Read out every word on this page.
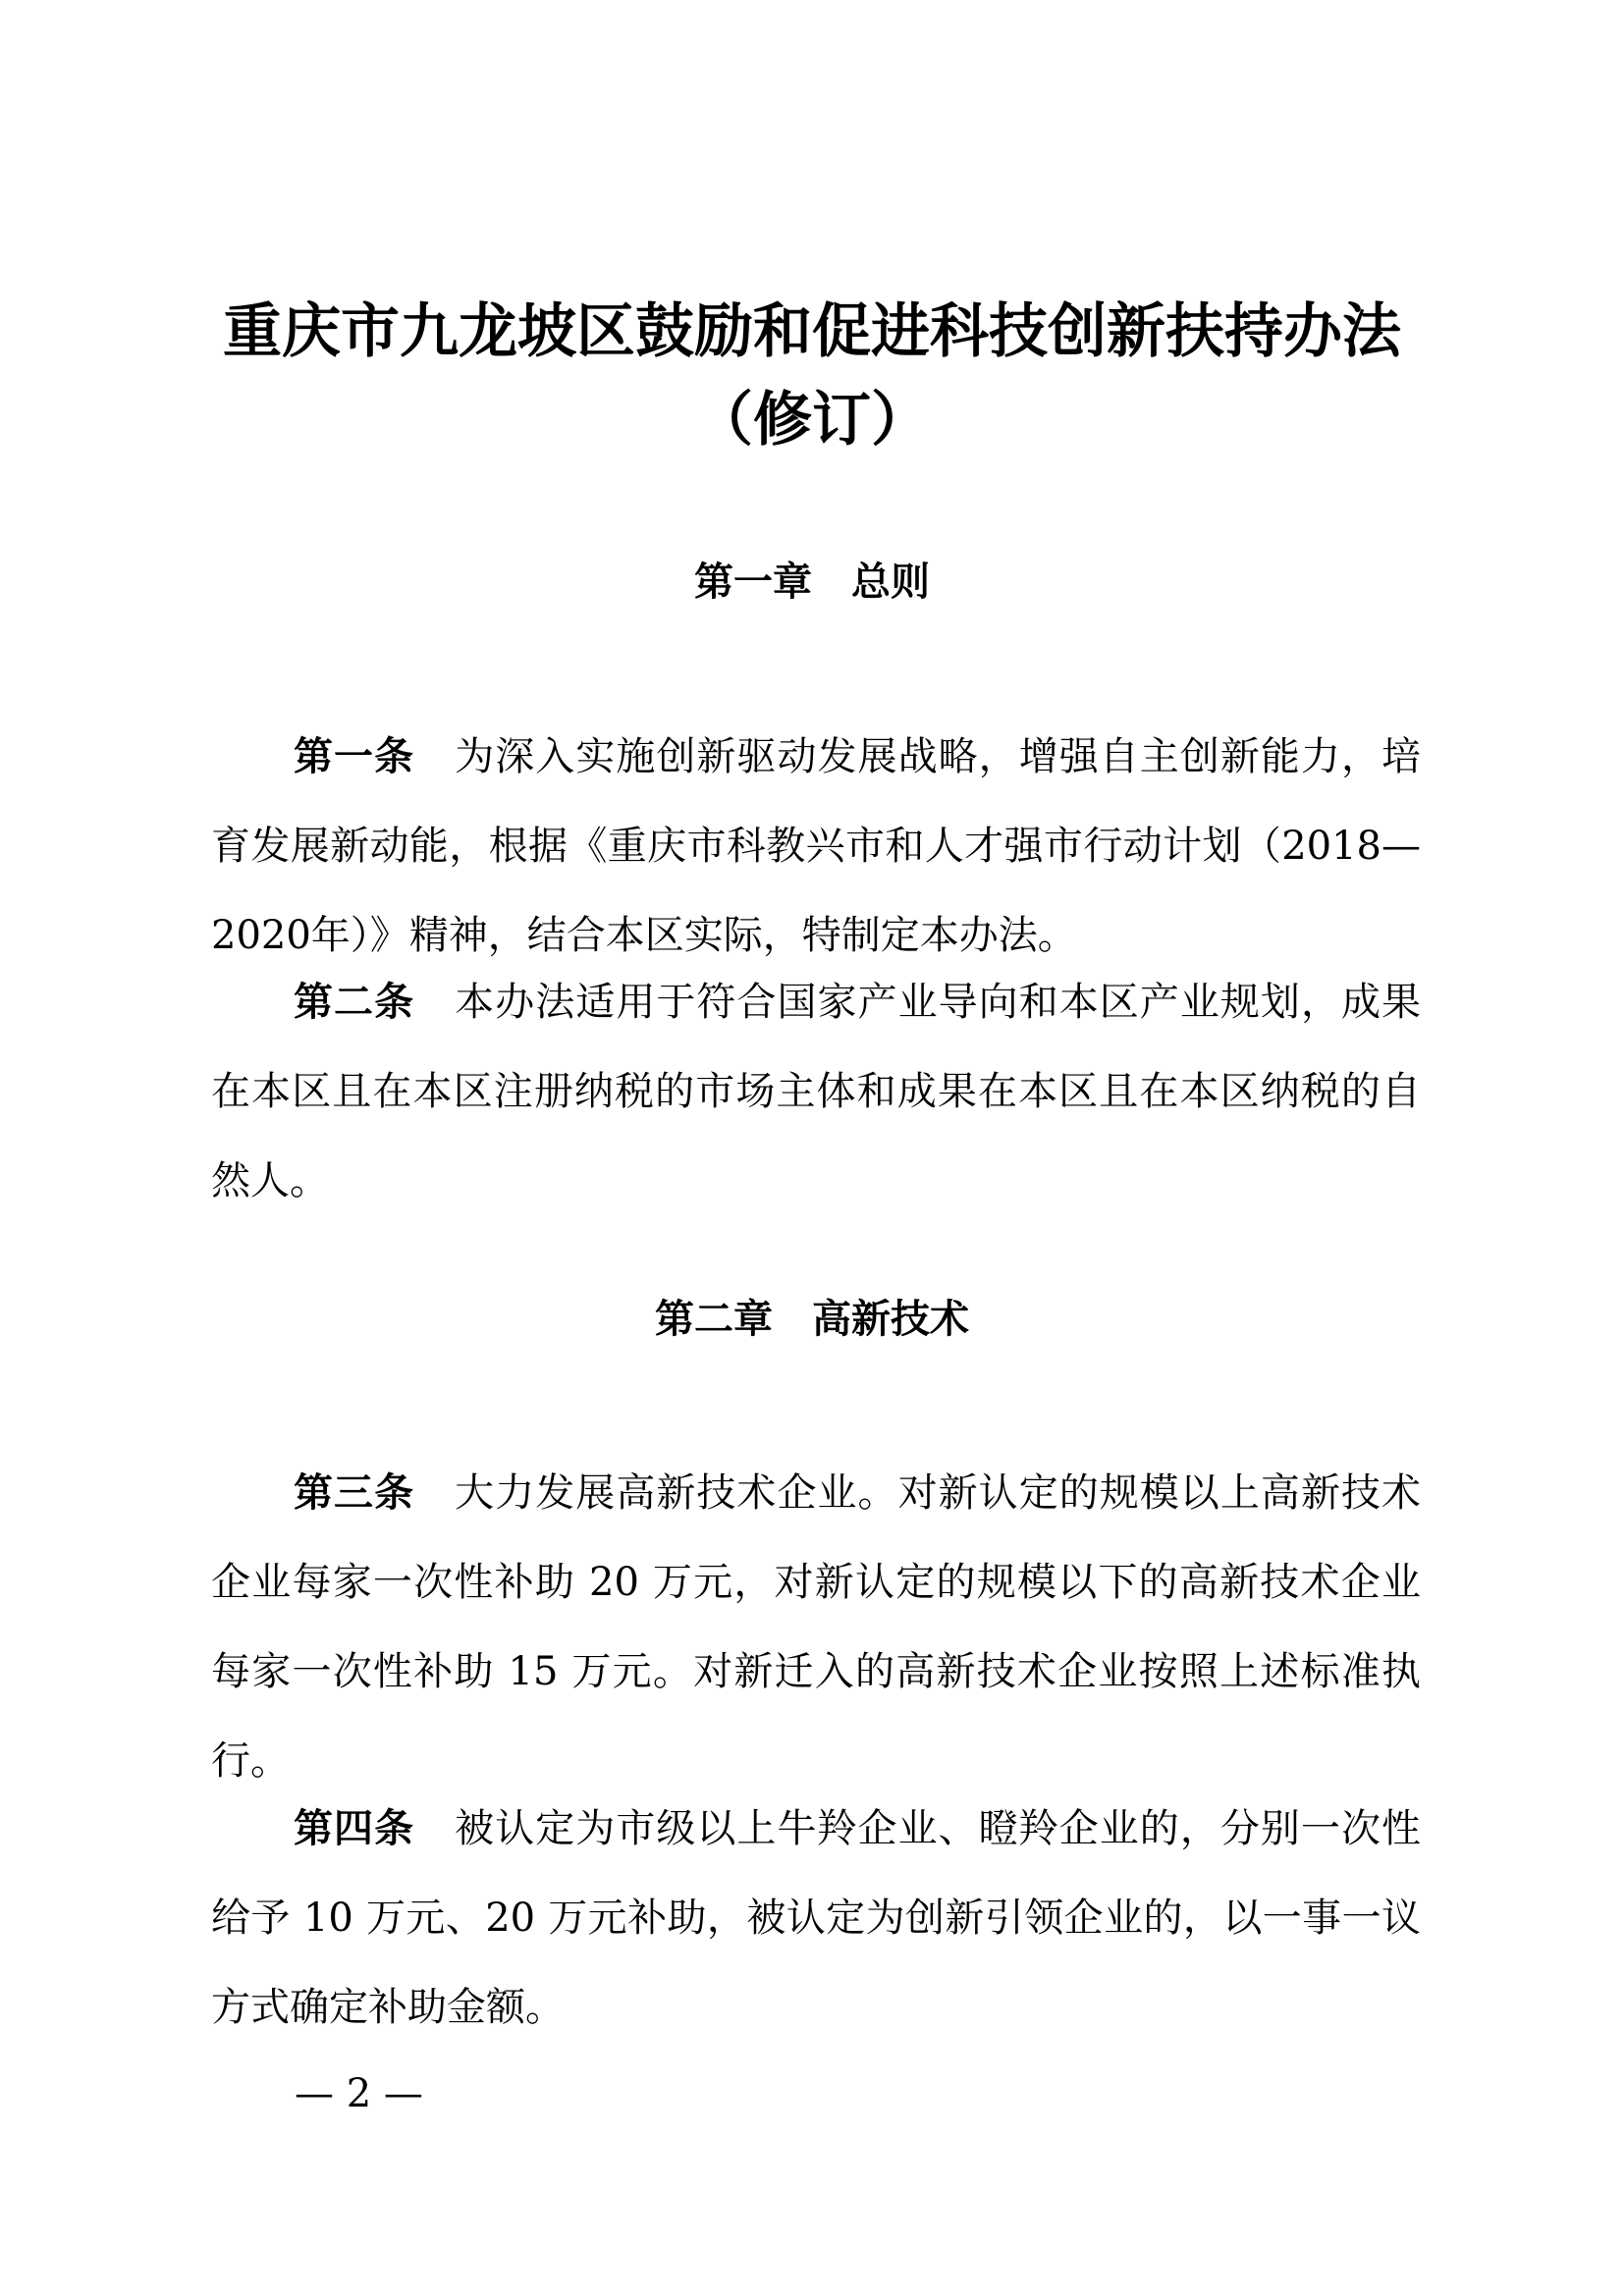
重庆市九龙坡区鼓励和促进科技创新扶持办法
（修订）
第一章　总则

第一条　 为深入实施创新驱动发展战略，增强自主创新能力，培育发展新动能，根据《重庆市科教兴市和人才强市行动计划（2018—2020年）》精神，结合本区实际，特制定本办法。

第二条　 本办法适用于符合国家产业导向和本区产业规划，成果在本区且在本区注册纳税的市场主体和成果在本区且在本区纳税的自然人。

第二章　高新技术

第三条　 大力发展高新技术企业。对新认定的规模以上高新技术企业每家一次性补助 20 万元，对新认定的规模以下的高新技术企业每家一次性补助 15 万元。对新迁入的高新技术企业按照上述标准执行。

第四条　 被认定为市级以上牛羚企业、瞪羚企业的，分别一次性给予 10 万元、20 万元补助，被认定为创新引领企业的，以一事一议方式确定补助金额。

— 2 —
